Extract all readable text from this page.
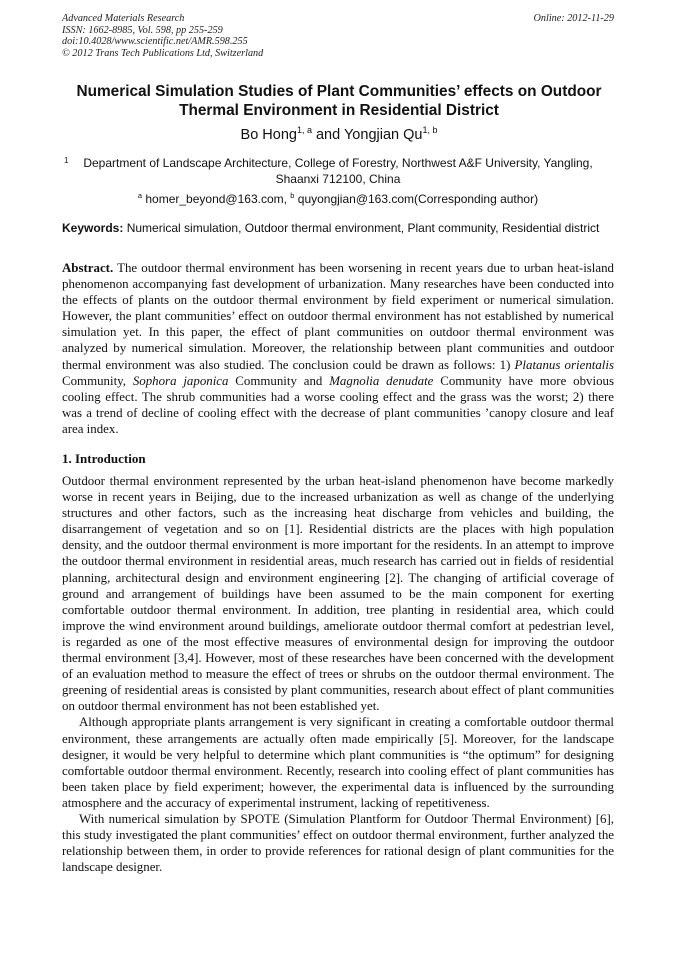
Advanced Materials Research
ISSN: 1662-8985, Vol. 598, pp 255-259
doi:10.4028/www.scientific.net/AMR.598.255
© 2012 Trans Tech Publications Ltd, Switzerland
Online: 2012-11-29
Numerical Simulation Studies of Plant Communities’ effects on Outdoor
Thermal Environment in Residential District
Bo Hong$^{1, a}$ and Yongjian Qu$^{1, b}$
1 Department of Landscape Architecture, College of Forestry, Northwest A&F University, Yangling, Shaanxi 712100, China
$^a$ homer_beyond@163.com, $^b$ quyongjian@163.com(Corresponding author)
Keywords: Numerical simulation, Outdoor thermal environment, Plant community, Residential district

Abstract. The outdoor thermal environment has been worsening in recent years due to urban heat-island phenomenon accompanying fast development of urbanization. Many researches have been conducted into the effects of plants on the outdoor thermal environment by field experiment or numerical simulation. However, the plant communities’ effect on outdoor thermal environment has not established by numerical simulation yet. In this paper, the effect of plant communities on outdoor thermal environment was analyzed by numerical simulation. Moreover, the relationship between plant communities and outdoor thermal environment was also studied. The conclusion could be drawn as follows: 1) Platanus orientalis Community, Sophora japonica Community and Magnolia denudate Community have more obvious cooling effect. The shrub communities had a worse cooling effect and the grass was the worst; 2) there was a trend of decline of cooling effect with the decrease of plant communities ’canopy closure and leaf area index.

1. Introduction

Outdoor thermal environment represented by the urban heat-island phenomenon have become markedly worse in recent years in Beijing, due to the increased urbanization as well as change of the underlying structures and other factors, such as the increasing heat discharge from vehicles and building, the disarrangement of vegetation and so on [1]. Residential districts are the places with high population density, and the outdoor thermal environment is more important for the residents. In an attempt to improve the outdoor thermal environment in residential areas, much research has carried out in fields of residential planning, architectural design and environment engineering [2]. The changing of artificial coverage of ground and arrangement of buildings have been assumed to be the main component for exerting comfortable outdoor thermal environment. In addition, tree planting in residential area, which could improve the wind environment around buildings, ameliorate outdoor thermal comfort at pedestrian level, is regarded as one of the most effective measures of environmental design for improving the outdoor thermal environment [3,4]. However, most of these researches have been concerned with the development of an evaluation method to measure the effect of trees or shrubs on the outdoor thermal environment. The greening of residential areas is consisted by plant communities, research about effect of plant communities on outdoor thermal environment has not been established yet.

Although appropriate plants arrangement is very significant in creating a comfortable outdoor thermal environment, these arrangements are actually often made empirically [5]. Moreover, for the landscape designer, it would be very helpful to determine which plant communities is “the optimum” for designing comfortable outdoor thermal environment. Recently, research into cooling effect of plant communities has been taken place by field experiment; however, the experimental data is influenced by the surrounding atmosphere and the accuracy of experimental instrument, lacking of repetitiveness.

With numerical simulation by SPOTE (Simulation Plantform for Outdoor Thermal Environment) [6], this study investigated the plant communities’ effect on outdoor thermal environment, further analyzed the relationship between them, in order to provide references for rational design of plant communities for the landscape designer.
